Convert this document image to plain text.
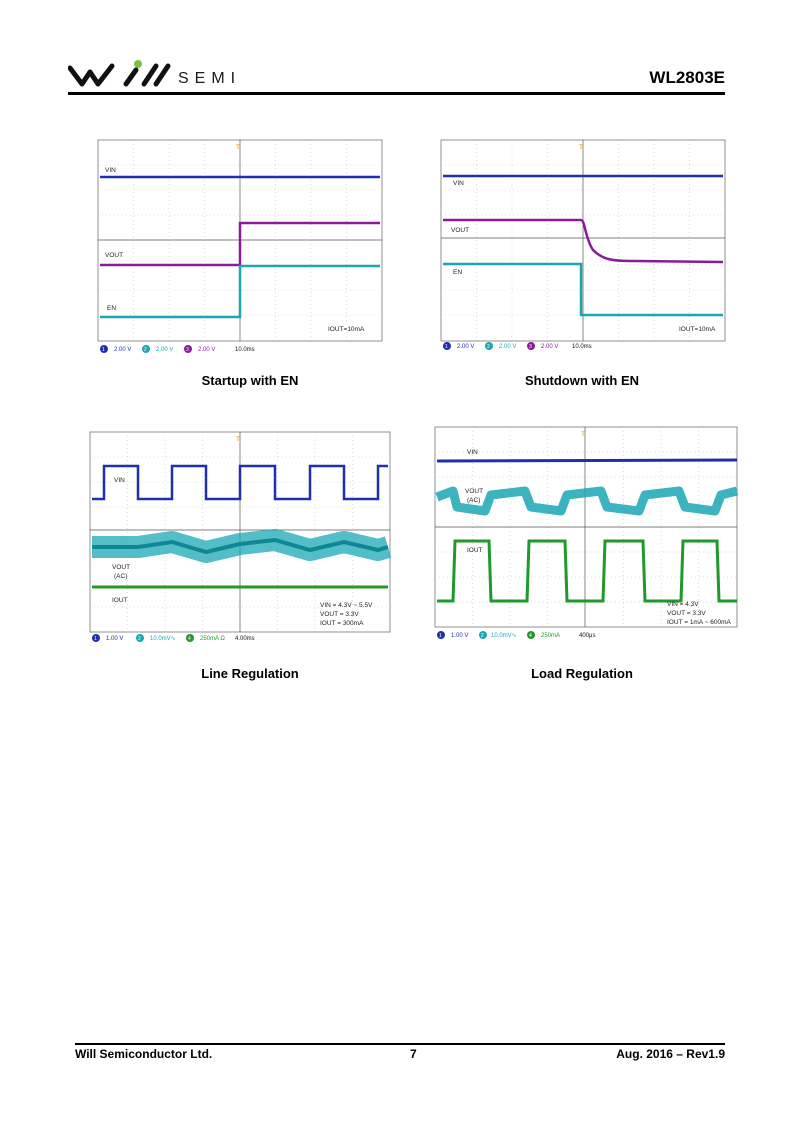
SEMI	WL2803E
VIN
VOUT
EN
IOUT=10mA
T
1 2.00 V	2 2.00 V	3 2.00 V	10.0ms
Startup with EN
VIN
VOUT
EN
IOUT=10mA
T
1 2.00 V	2 2.00 V	3 2.00 V 10.0ms
Shutdown with EN
VIN
VOUT
(AC)
IOUT
VIN = 4.3V ~ 5.5V
VOUT = 3.3V
IOUT = 300mA
T
1 1.00 V	2 10.0mV∿ 4 250mA Ω 4.00ms
Line Regulation
VIN
VOUT
(AC)
IOUT
VIN = 4.3V
VOUT = 3.3V
IOUT = 1mA ~ 600mA
T
1 1.00 V	2 10.0mV∿ 4 250mA	400μs
Load Regulation
Will Semiconductor Ltd.	7	Aug. 2016 – Rev1.9
